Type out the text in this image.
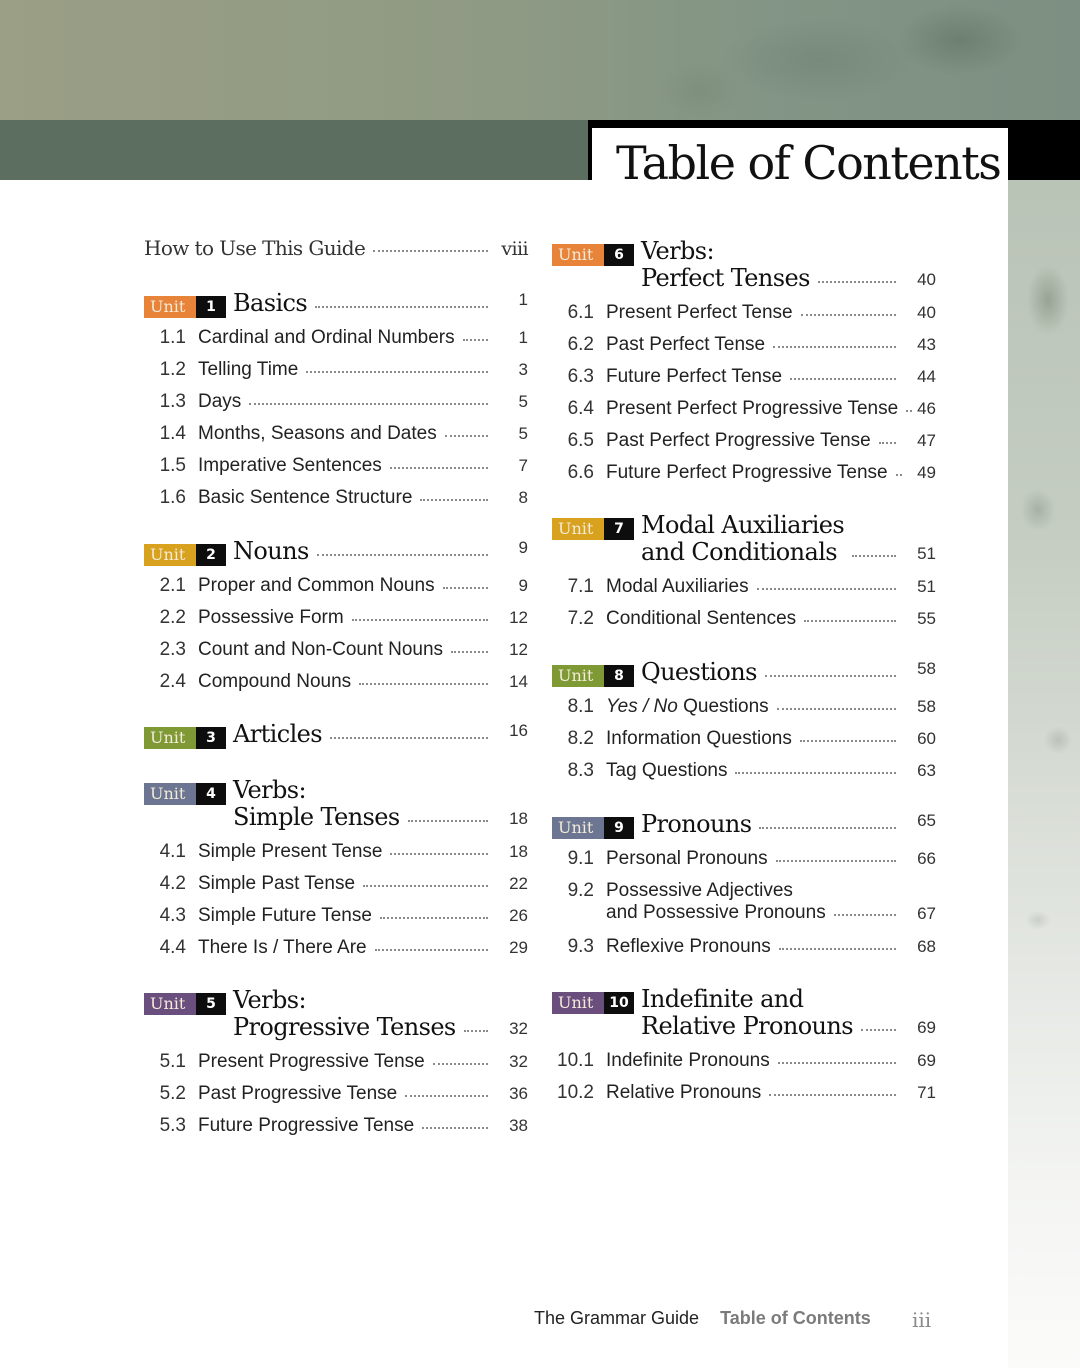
Table of Contents
How to Use This Guide	viii
Unit	1 Basics	1
1.1 Cardinal and Ordinal Numbers	1
1.2 Telling Time	3
1.3 Days	5
1.4 Months, Seasons and Dates	5
1.5 Imperative Sentences	7
1.6 Basic Sentence Structure	8
Unit	2 Nouns	9
2.1 Proper and Common Nouns	9
2.2 Possessive Form	12
2.3 Count and Non-Count Nouns	12
2.4 Compound Nouns	14
Unit	3 Articles	16
Unit	4 Verbs:
Simple Tenses	18
4.1 Simple Present Tense	18
4.2 Simple Past Tense	22
4.3 Simple Future Tense	26
4.4 There Is / There Are	29
Unit	5 Verbs:
Progressive Tenses	32
5.1 Present Progressive Tense	32
5.2 Past Progressive Tense	36
5.3 Future Progressive Tense	38
Unit	6 Verbs:
Perfect Tenses	40
6.1 Present Perfect Tense	40
6.2 Past Perfect Tense	43
6.3 Future Perfect Tense	44
6.4 Present Perfect Progressive Tense	46
6.5 Past Perfect Progressive Tense	47
6.6 Future Perfect Progressive Tense	49
Unit	7 Modal Auxiliaries
and Conditionals	51
7.1 Modal Auxiliaries	51
7.2 Conditional Sentences	55
Unit	8 Questions	58
8.1 Yes / No Questions	58
8.2 Information Questions	60
8.3 Tag Questions	63
Unit	9 Pronouns	65
9.1 Personal Pronouns	66
9.2 Possessive Adjectives
and Possessive Pronouns	67
9.3 Reflexive Pronouns	68
Unit	10 Indefinite and
Relative Pronouns	69
10.1 Indefinite Pronouns	69
10.2 Relative Pronouns	71
The Grammar Guide Table of Contents iii
